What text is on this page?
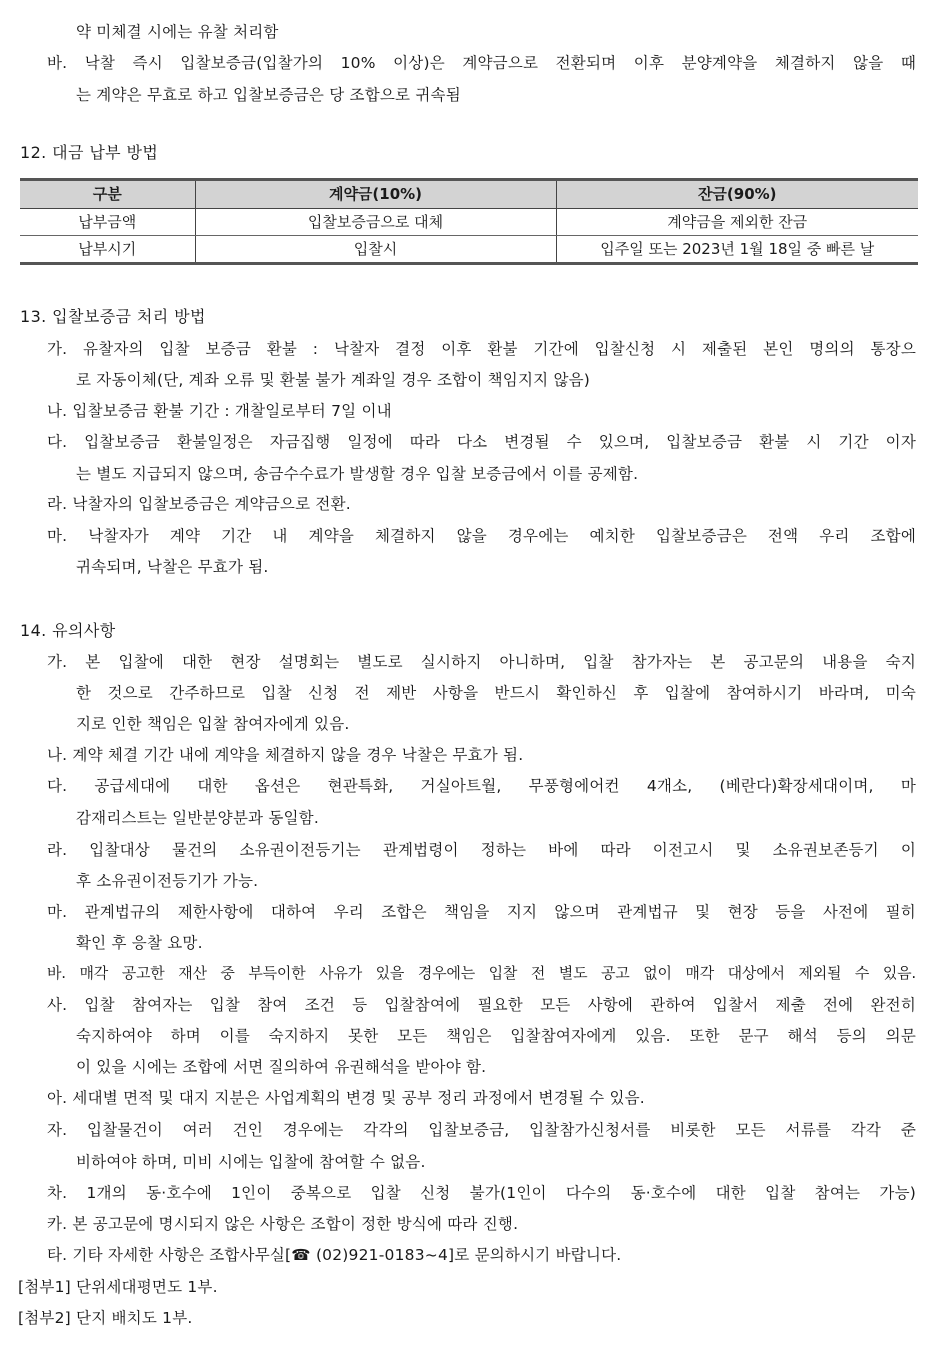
약 미체결 시에는 유찰 처리함
바. 낙찰 즉시 입찰보증금(입찰가의 10% 이상)은 계약금으로 전환되며 이후 분양계약을 체결하지 않을 때
는 계약은 무효로 하고 입찰보증금은 당 조합으로 귀속됨
12. 대금 납부 방법
구분	계약금(10%)	잔금(90%)
납부금액	입찰보증금으로 대체	계약금을 제외한 잔금
납부시기	입찰시	입주일 또는 2023년 1월 18일 중 빠른 날
13. 입찰보증금 처리 방법
가. 유찰자의 입찰 보증금 환불 : 낙찰자 결정 이후 환불 기간에 입찰신청 시 제출된 본인 명의의 통장으
로 자동이체(단, 계좌 오류 및 환불 불가 계좌일 경우 조합이 책임지지 않음)
나. 입찰보증금 환불 기간 : 개찰일로부터 7일 이내
다. 입찰보증금 환불일정은 자금집행 일정에 따라 다소 변경될 수 있으며, 입찰보증금 환불 시 기간 이자
는 별도 지급되지 않으며, 송금수수료가 발생할 경우 입찰 보증금에서 이를 공제함.
라. 낙찰자의 입찰보증금은 계약금으로 전환.
마. 낙찰자가 계약 기간 내 계약을 체결하지 않을 경우에는 예치한 입찰보증금은 전액 우리 조합에
귀속되며, 낙찰은 무효가 됨.
14. 유의사항
가. 본 입찰에 대한 현장 설명회는 별도로 실시하지 아니하며, 입찰 참가자는 본 공고문의 내용을 숙지
한 것으로 간주하므로 입찰 신청 전 제반 사항을 반드시 확인하신 후 입찰에 참여하시기 바라며, 미숙
지로 인한 책임은 입찰 참여자에게 있음.
나. 계약 체결 기간 내에 계약을 체결하지 않을 경우 낙찰은 무효가 됨.
다. 공급세대에 대한 옵션은 현관특화, 거실아트월, 무풍형에어컨 4개소, (베란다)확장세대이며, 마
감재리스트는 일반분양분과 동일함.
라. 입찰대상 물건의 소유권이전등기는 관계법령이 정하는 바에 따라 이전고시 및 소유권보존등기 이
후 소유권이전등기가 가능.
마. 관계법규의 제한사항에 대하여 우리 조합은 책임을 지지 않으며 관계법규 및 현장 등을 사전에 필히
확인 후 응찰 요망.
바. 매각 공고한 재산 중 부득이한 사유가 있을 경우에는 입찰 전 별도 공고 없이 매각 대상에서 제외될 수 있음.
사. 입찰 참여자는 입찰 참여 조건 등 입찰참여에 필요한 모든 사항에 관하여 입찰서 제출 전에 완전히
숙지하여야 하며 이를 숙지하지 못한 모든 책임은 입찰참여자에게 있음. 또한 문구 해석 등의 의문
이 있을 시에는 조합에 서면 질의하여 유권해석을 받아야 함.
아. 세대별 면적 및 대지 지분은 사업계획의 변경 및 공부 정리 과정에서 변경될 수 있음.
자. 입찰물건이 여러 건인 경우에는 각각의 입찰보증금, 입찰참가신청서를 비롯한 모든 서류를 각각 준
비하여야 하며, 미비 시에는 입찰에 참여할 수 없음.
차. 1개의 동·호수에 1인이 중복으로 입찰 신청 불가(1인이 다수의 동·호수에 대한 입찰 참여는 가능)
카. 본 공고문에 명시되지 않은 사항은 조합이 정한 방식에 따라 진행.
타. 기타 자세한 사항은 조합사무실[☎ (02)921-0183~4]로 문의하시기 바랍니다.
[첨부1] 단위세대평면도 1부.
[첨부2] 단지 배치도 1부.
